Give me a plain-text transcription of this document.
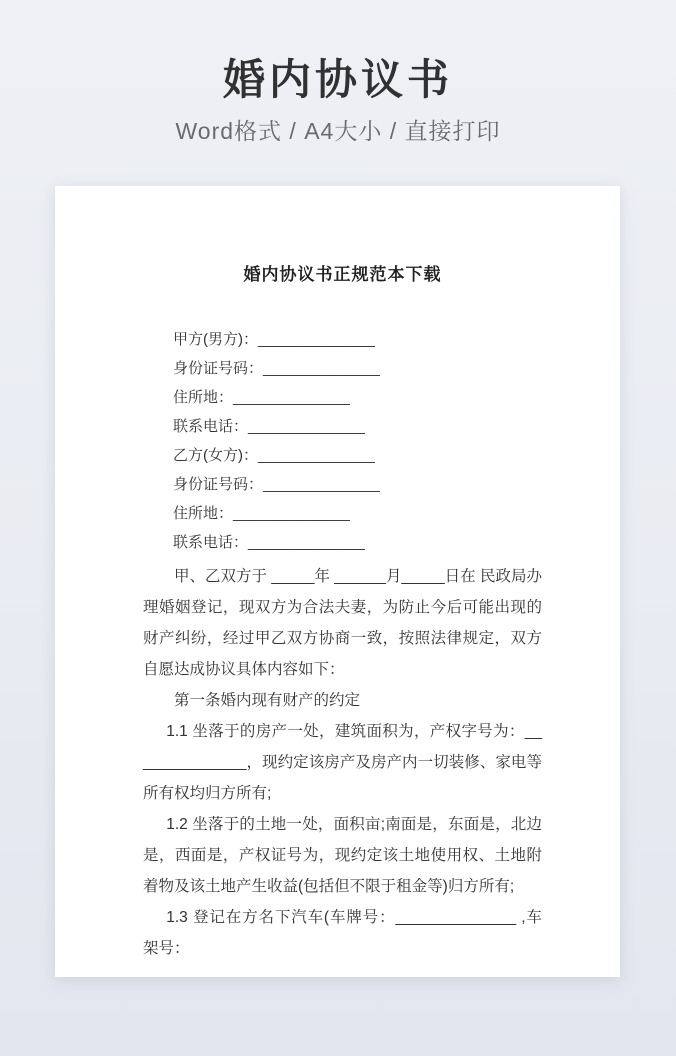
婚内协议书
Word格式 / A4大小 / 直接打印
婚内协议书正规范本下载
甲方(男方)：______________
身份证号码：______________
住所地：______________
联系电话：______________
乙方(女方)：______________
身份证号码：______________
住所地：______________
联系电话：______________

甲、乙双方于 _____年 ______月_____日在 民政局办理婚姻登记，现双方为合法夫妻，为防止今后可能出现的财产纠纷，经过甲乙双方协商一致，按照法律规定，双方自愿达成协议具体内容如下：

第一条婚内现有财产的约定

1.1 坐落于的房产一处，建筑面积为，产权字号为：______________，现约定该房产及房产内一切装修、家电等所有权均归方所有;

1.2 坐落于的土地一处，面积亩;南面是，东面是，北边是，西面是，产权证号为，现约定该土地使用权、土地附着物及该土地产生收益(包括但不限于租金等)归方所有;

1.3 登记在方名下汽车(车牌号：______________ ,车架号：
